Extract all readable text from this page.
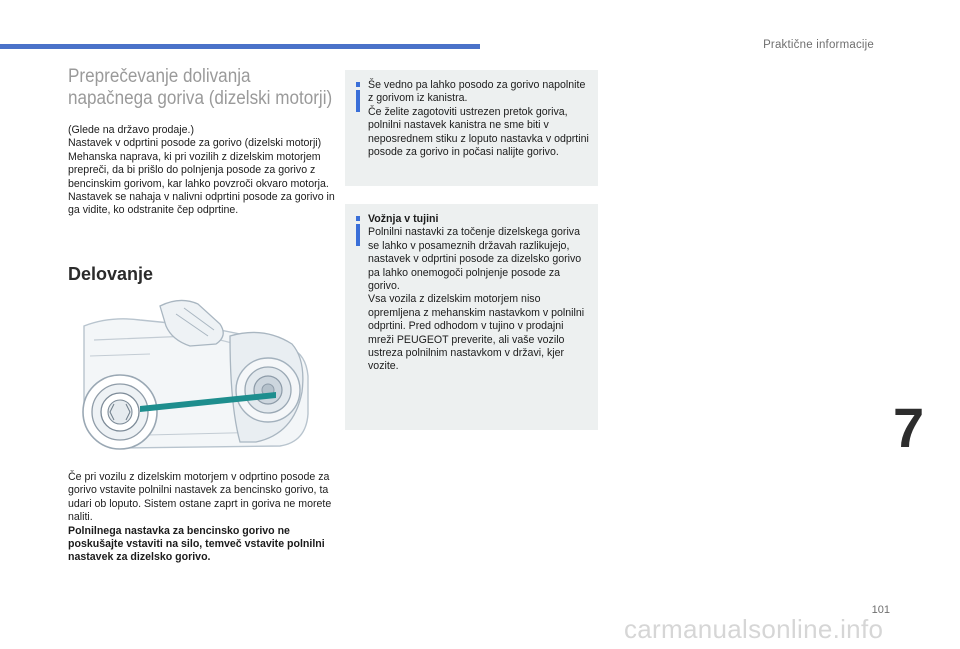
Praktične informacije
Preprečevanje dolivanja
napačnega goriva (dizelski motorji)

(Glede na državo prodaje.)

Nastavek v odprtini posode za gorivo (dizelski motorji) Mehanska naprava, ki pri vozilih z dizelskim motorjem prepreči, da bi prišlo do polnjenja posode za gorivo z bencinskim gorivom, kar lahko povzroči okvaro motorja. Nastavek se nahaja v nalivni odprtini posode za gorivo in ga vidite, ko odstranite čep odprtine.

Delovanje

Če pri vozilu z dizelskim motorjem v odprtino posode za gorivo vstavite polnilni nastavek za bencinsko gorivo, ta udari ob loputo. Sistem ostane zaprt in goriva ne morete naliti.

Polnilnega nastavka za bencinsko gorivo ne poskušajte vstaviti na silo, temveč vstavite polnilni nastavek za dizelsko gorivo.

Še vedno pa lahko posodo za gorivo napolnite z gorivom iz kanistra.

Če želite zagotoviti ustrezen pretok goriva, polnilni nastavek kanistra ne sme biti v neposrednem stiku z loputo nastavka v odprtini posode za gorivo in počasi nalijte gorivo.

Vožnja v tujini

Polnilni nastavki za točenje dizelskega goriva se lahko v posameznih državah razlikujejo, nastavek v odprtini posode za dizelsko gorivo pa lahko onemogoči polnjenje posode za gorivo.

Vsa vozila z dizelskim motorjem niso opremljena z mehanskim nastavkom v polnilni odprtini. Pred odhodom v tujino v prodajni mreži PEUGEOT preverite, ali vaše vozilo ustreza polnilnim nastavkom v državi, kjer vozite.

7
101
carmanualsonline.info
